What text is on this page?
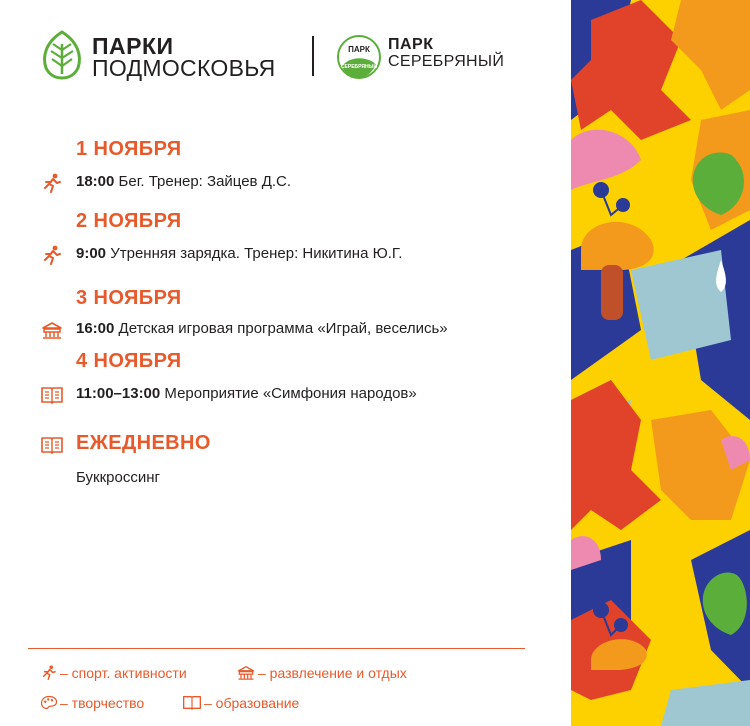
ПАРКИ
ПОДМОСКОВЬЯ
ПАРК
СЕРЕБРЯНЫЙ
ПАРК
СЕРЕБРЯНЫЙ
1 НОЯБРЯ
18:00 Бег. Тренер: Зайцев Д.С.
2 НОЯБРЯ
9:00 Утренняя зарядка. Тренер: Никитина Ю.Г.
3 НОЯБРЯ
16:00 Детская игровая программа «Играй, веселись»
4 НОЯБРЯ
11:00–13:00 Мероприятие «Симфония народов»
ЕЖЕДНЕВНО
Буккроссинг
– спорт. активности	– развлечение и отдых
– творчество	– образование
